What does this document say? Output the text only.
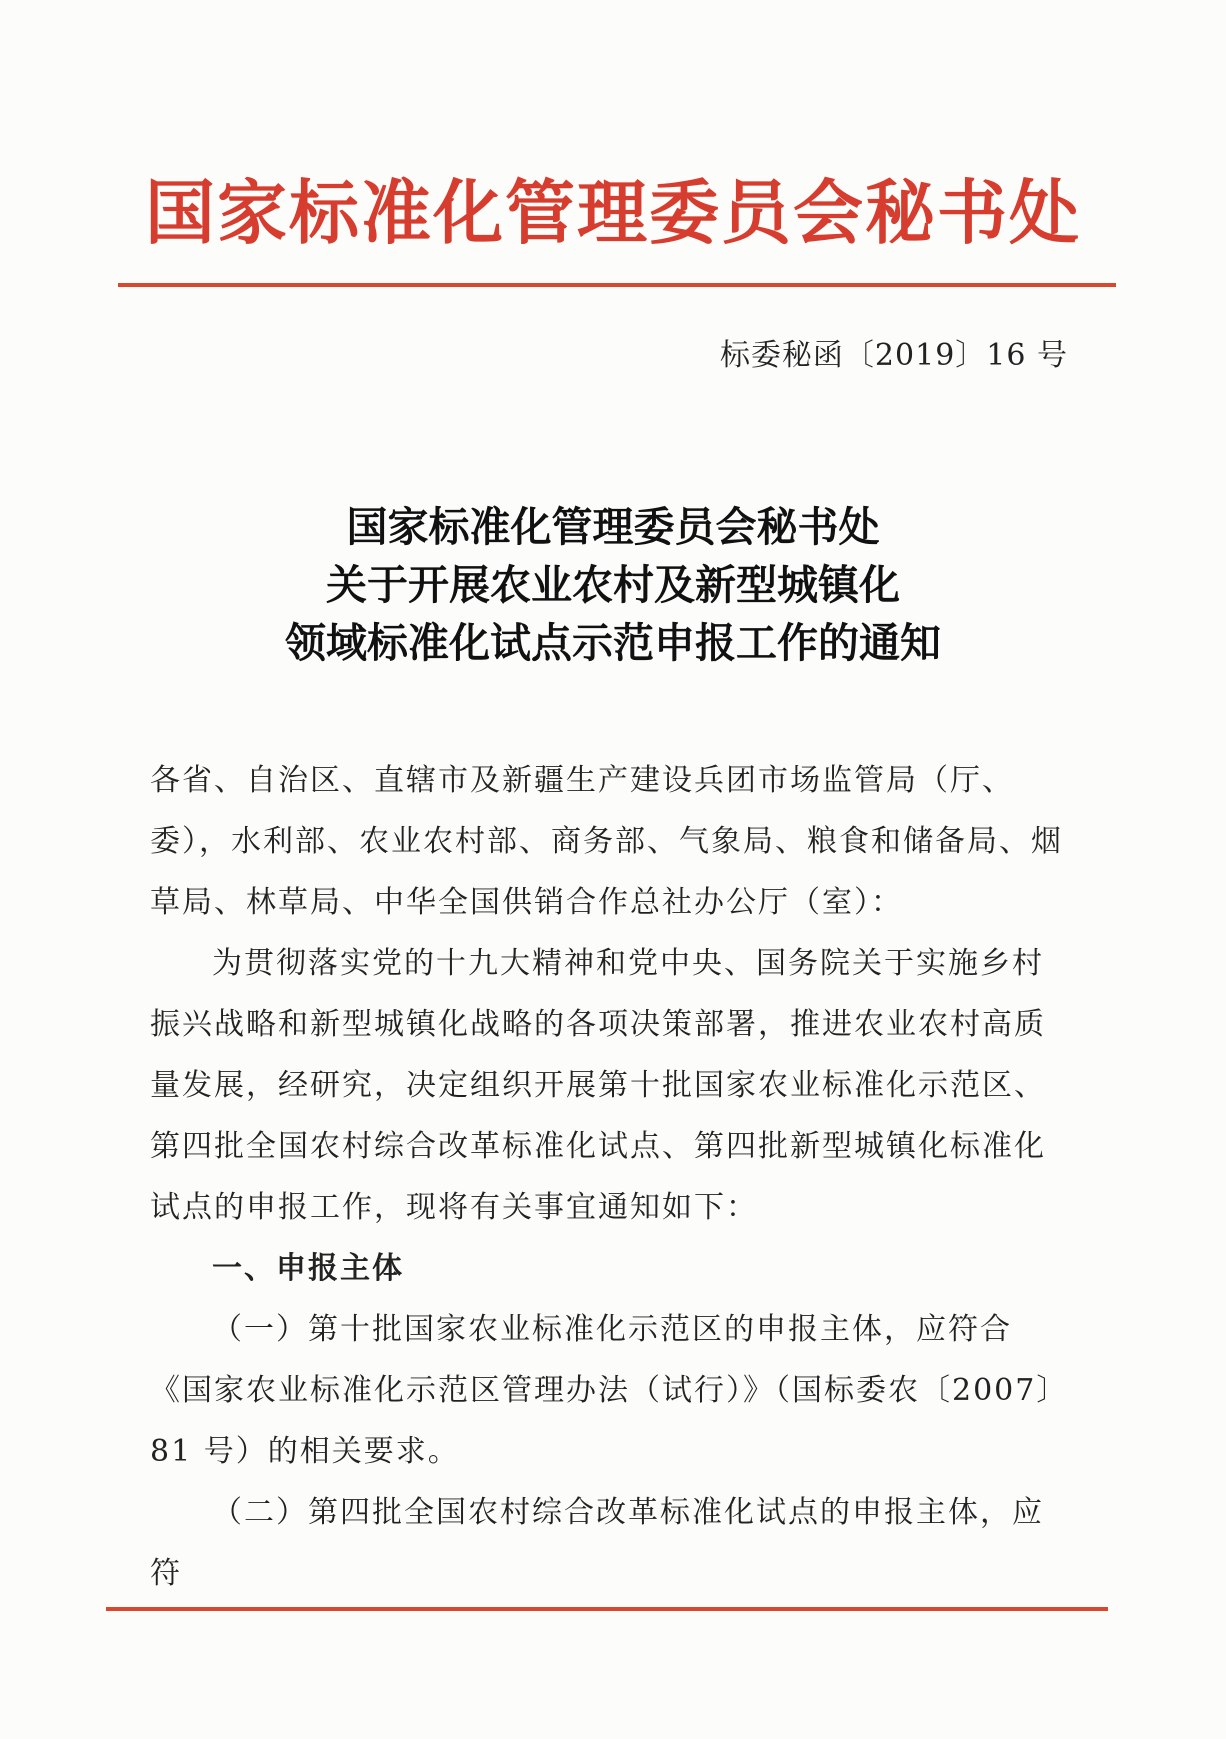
国家标准化管理委员会秘书处
标委秘函〔2019〕16 号
国家标准化管理委员会秘书处
关于开展农业农村及新型城镇化
领域标准化试点示范申报工作的通知

各省、自治区、直辖市及新疆生产建设兵团市场监管局（厅、委），水利部、农业农村部、商务部、气象局、粮食和储备局、烟草局、林草局、中华全国供销合作总社办公厅（室）：

为贯彻落实党的十九大精神和党中央、国务院关于实施乡村振兴战略和新型城镇化战略的各项决策部署，推进农业农村高质量发展，经研究，决定组织开展第十批国家农业标准化示范区、第四批全国农村综合改革标准化试点、第四批新型城镇化标准化试点的申报工作，现将有关事宜通知如下：

一、申报主体

（一）第十批国家农业标准化示范区的申报主体，应符合《国家农业标准化示范区管理办法（试行）》（国标委农〔2007〕81 号）的相关要求。

（二）第四批全国农村综合改革标准化试点的申报主体，应符
